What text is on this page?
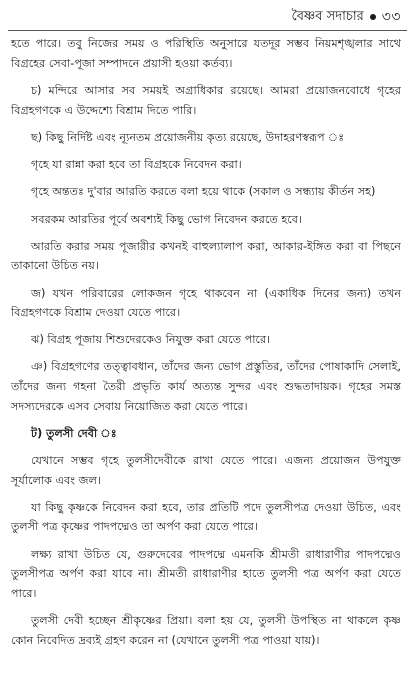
বৈষ্ণব সদাচার ৩৩

হতে পারে। তবু নিজের সময় ও পরিস্থিতি অনুসারে যতদূর সম্ভব নিয়মশৃঙ্খলার সাথে বিগ্রহের সেবা-পূজা সম্পাদনে প্রয়াসী হওয়া কর্তব্য।

চ) মন্দিরে আসার সব সময়ই অগ্রাধিকার রয়েছে। আমরা প্রয়োজনবোধে গৃহের বিগ্রহগণকে এ উদ্দেশ্যে বিশ্রাম দিতে পারি।

ছ) কিছু নির্দিষ্ট এবং ন্যূনতম প্রয়োজনীয় কৃত্য রয়েছে, উদাহরণস্বরূপ ঃ

গৃহে যা রান্না করা হবে তা বিগ্রহকে নিবেদন করা।

গৃহে অন্ততঃ দু'বার আরতি করতে বলা হয়ে থাকে (সকাল ও সন্ধ্যায় কীর্তন সহ)

সবরকম আরতির পূর্বে অবশ্যই কিছু ভোগ নিবেদন করতে হবে।

আরতি করার সময় পূজারীর কখনই বাহুল্যালাপ করা, আকার-ইঙ্গিত করা বা পিছনে তাকানো উচিত নয়।

জ) যখন পরিবারের লোকজন গৃহে থাকবেন না (একাধিক দিনের জন্য) তখন বিগ্রহগণকে বিশ্রাম দেওয়া যেতে পারে।

ঝ) বিগ্রহ পূজায় শিশুদেরকেও নিযুক্ত করা যেতে পারে।

ঞ) বিগ্রহগণের তত্ত্বাবধান, তাঁদের জন্য ভোগ প্রস্তুতির, তাঁদের পোষাকাদি সেলাই, তাঁদের জন্য গহনা তৈরী প্রভৃতি কার্য অত্যন্ত সুন্দর এবং শুদ্ধতাদায়ক। গৃহের সমস্ত সদস্যদেরকে এসব সেবায় নিয়োজিত করা যেতে পারে।

ট) তুলসী দেবী ঃ

যেখানে সম্ভব গৃহে তুলসীদেবীকে রাখা যেতে পারে। এজন্য প্রয়োজন উপযুক্ত সূর্যালোক এবং জল।

যা কিছু কৃষ্ণকে নিবেদন করা হবে, তার প্রতিটি পদে তুলসীপত্র দেওয়া উচিত, এবং তুলসী পত্র কৃষ্ণের পাদপদ্মেও তা অর্পণ করা যেতে পারে।

লক্ষ্য রাখা উচিত যে, গুরুদেবের পাদপদ্মে এমনকি শ্রীমতী রাধারাণীর পাদপদ্মেও তুলসীপত্র অর্পণ করা যাবে না। শ্রীমতী রাধারাণীর হাতে তুলসী পত্র অর্পণ করা যেতে পারে।

তুলসী দেবী হচ্ছেন শ্রীকৃষ্ণের প্রিয়া। বলা হয় যে, তুলসী উপস্থিত না থাকলে কৃষ্ণ কোন নিবেদিত দ্রব্যই গ্রহণ করেন না (যেখানে তুলসী পত্র পাওয়া যায়)।
